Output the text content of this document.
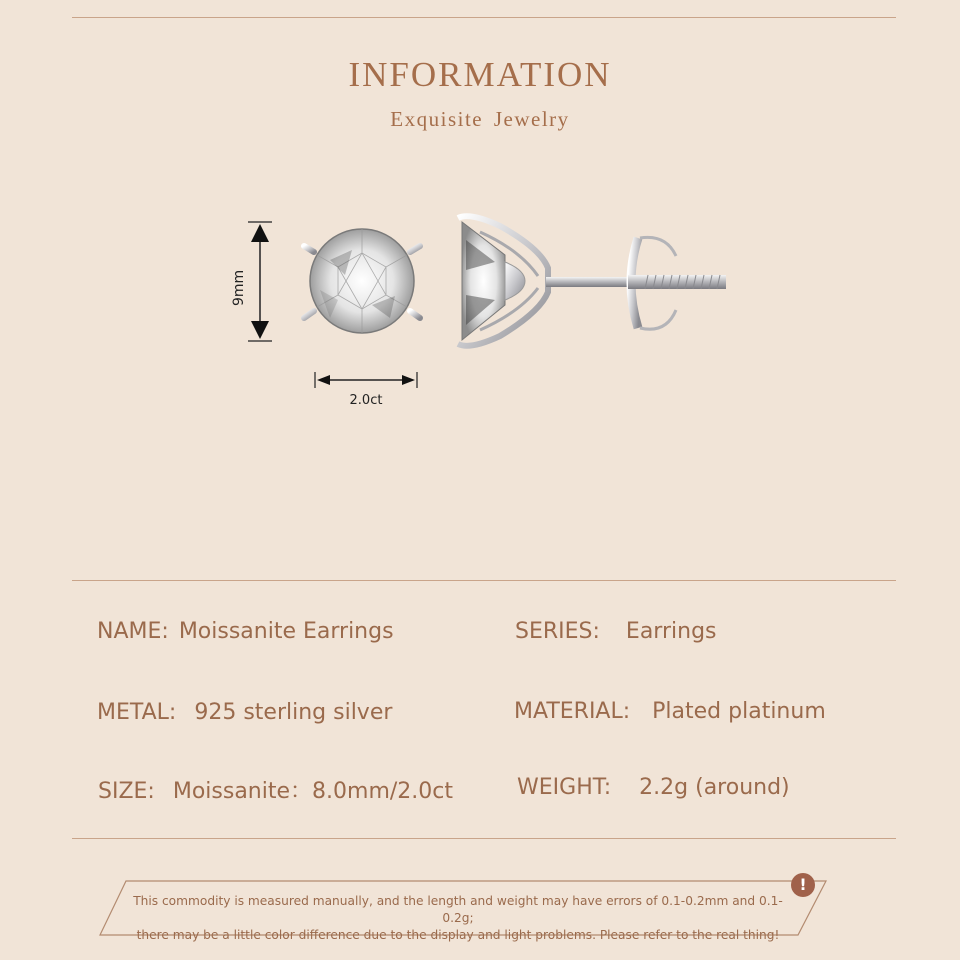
INFORMATION
Exquisite Jewelry
9mm
2.0ct
NAME: Moissanite Earrings	SERIES: Earrings
METAL: 925 sterling silver	MATERIAL: Plated platinum
SIZE: Moissanite：8.0mm/2.0ct	WEIGHT: 2.2g (around)
This commodity is measured manually, and the length and weight may have errors of 0.1-0.2mm and 0.1-0.2g;
there may be a little color difference due to the display and light problems. Please refer to the real thing!
!
